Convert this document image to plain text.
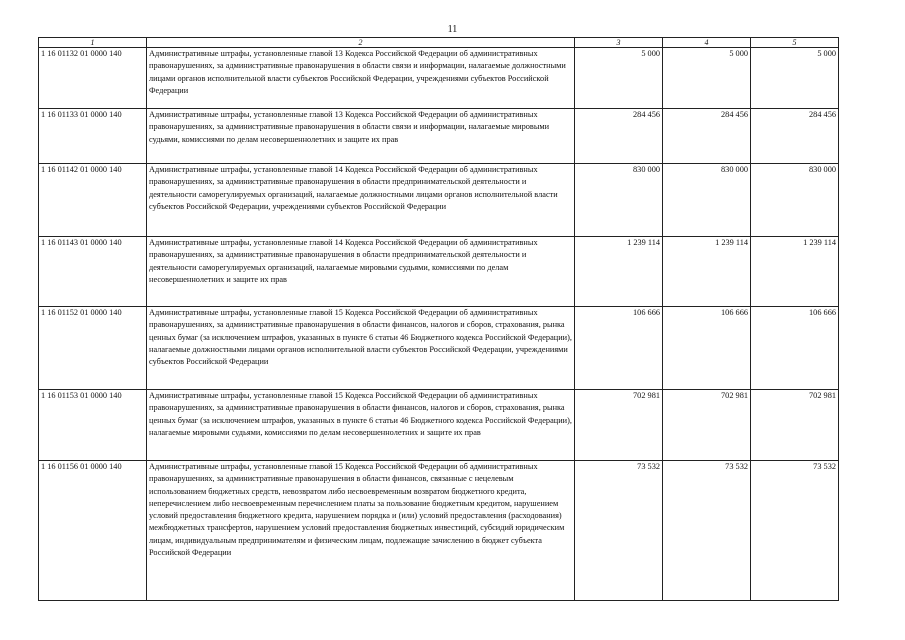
11
1	2	3	4	5
1 16 01132 01 0000 140	Административные штрафы, установленные главой 13 Кодекса Российской Федерации об административных правонарушениях, за административные правонарушения в области связи и информации, налагаемые должностными лицами органов исполнительной власти субъектов Российской Федерации, учреждениями субъектов Российской Федерации	5 000	5 000	5 000
1 16 01133 01 0000 140	Административные штрафы, установленные главой 13 Кодекса Российской Федерации об административных правонарушениях, за административные правонарушения в области связи и информации, налагаемые мировыми судьями, комиссиями по делам несовершеннолетних и защите их прав	284 456	284 456	284 456
1 16 01142 01 0000 140	Административные штрафы, установленные главой 14 Кодекса Российской Федерации об административных правонарушениях, за административные правонарушения в области предпринимательской деятельности и деятельности саморегулируемых организаций, налагаемые должностными лицами органов исполнительной власти субъектов Российской Федерации, учреждениями субъектов Российской Федерации	830 000	830 000	830 000
1 16 01143 01 0000 140	Административные штрафы, установленные главой 14 Кодекса Российской Федерации об административных правонарушениях, за административные правонарушения в области предпринимательской деятельности и деятельности саморегулируемых организаций, налагаемые мировыми судьями, комиссиями по делам несовершеннолетних и защите их прав	1 239 114	1 239 114	1 239 114
1 16 01152 01 0000 140	Административные штрафы, установленные главой 15 Кодекса Российской Федерации об административных правонарушениях, за административные правонарушения в области финансов, налогов и сборов, страхования, рынка ценных бумаг (за исключением штрафов, указанных в пункте 6 статьи 46 Бюджетного кодекса Российской Федерации), налагаемые должностными лицами органов исполнительной власти субъектов Российской Федерации, учреждениями субъектов Российской Федерации	106 666	106 666	106 666
1 16 01153 01 0000 140	Административные штрафы, установленные главой 15 Кодекса Российской Федерации об административных правонарушениях, за административные правонарушения в области финансов, налогов и сборов, страхования, рынка ценных бумаг (за исключением штрафов, указанных в пункте 6 статьи 46 Бюджетного кодекса Российской Федерации), налагаемые мировыми судьями, комиссиями по делам несовершеннолетних и защите их прав	702 981	702 981	702 981
1 16 01156 01 0000 140	Административные штрафы, установленные главой 15 Кодекса Российской Федерации об административных правонарушениях, за административные правонарушения в области финансов, связанные с нецелевым использованием бюджетных средств, невозвратом либо несвоевременным возвратом бюджетного кредита, неперечислением либо несвоевременным перечислением платы за пользование бюджетным кредитом, нарушением условий предоставления бюджетного кредита, нарушением порядка и (или) условий предоставления (расходования) межбюджетных трансфертов, нарушением условий предоставления бюджетных инвестиций, субсидий юридическим лицам, индивидуальным предпринимателям и физическим лицам, подлежащие зачислению в бюджет субъекта Российской Федерации	73 532	73 532	73 532
